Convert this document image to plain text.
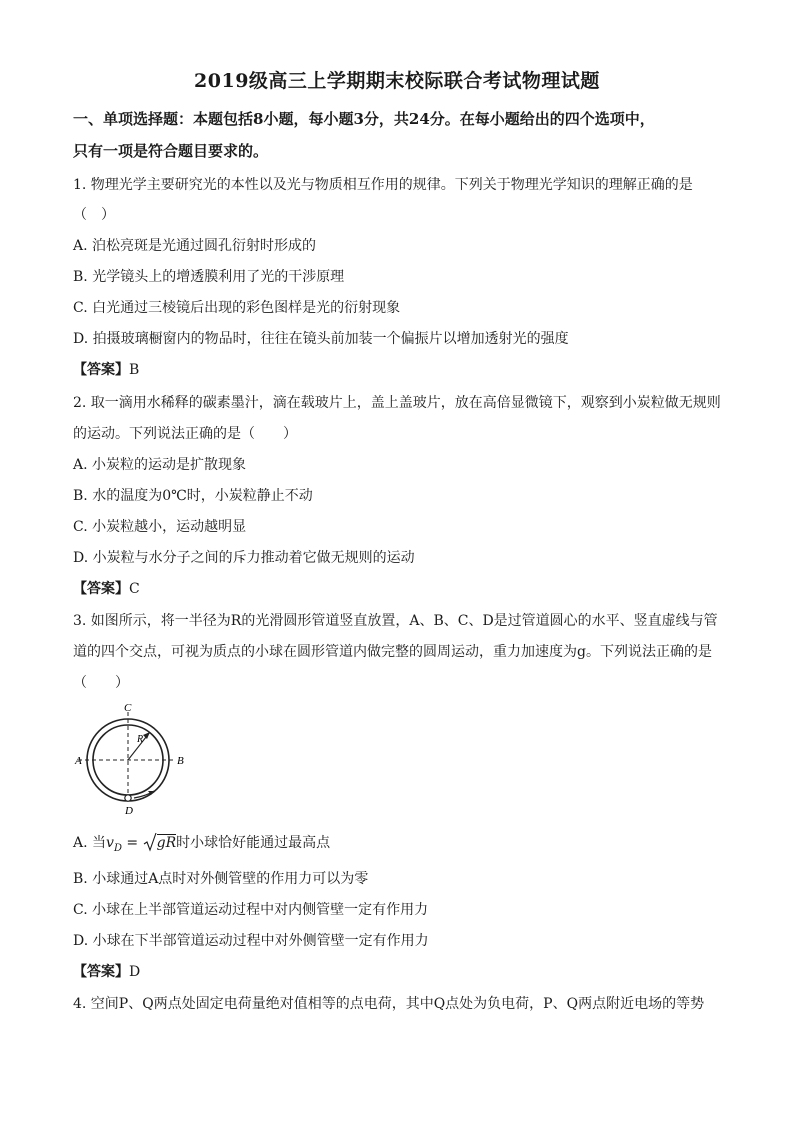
2019级高三上学期期末校际联合考试物理试题
一、单项选择题：本题包括8小题，每小题3分，共24分。在每小题给出的四个选项中，
只有一项是符合题目要求的。
1. 物理光学主要研究光的本性以及光与物质相互作用的规律。下列关于物理光学知识的理解正确的是
（　）
A. 泊松亮斑是光通过圆孔衍射时形成的
B. 光学镜头上的增透膜利用了光的干涉原理
C. 白光通过三棱镜后出现的彩色图样是光的衍射现象
D. 拍摄玻璃橱窗内的物品时，往往在镜头前加装一个偏振片以增加透射光的强度
【答案】B
2. 取一滴用水稀释的碳素墨汁，滴在载玻片上，盖上盖玻片，放在高倍显微镜下，观察到小炭粒做无规则
的运动。下列说法正确的是（　　）
A. 小炭粒的运动是扩散现象
B. 水的温度为0℃时，小炭粒静止不动
C. 小炭粒越小，运动越明显
D. 小炭粒与水分子之间的斥力推动着它做无规则的运动
【答案】C
3. 如图所示，将一半径为R的光滑圆形管道竖直放置，A、B、C、D是过管道圆心的水平、竖直虚线与管
道的四个交点，可视为质点的小球在圆形管道内做完整的圆周运动，重力加速度为g。下列说法正确的是
（　　）
C
A	B
D
R
A. 当$v_D$ = gR时小球恰好能通过最高点
B. 小球通过A点时对外侧管壁的作用力可以为零
C. 小球在上半部管道运动过程中对内侧管壁一定有作用力
D. 小球在下半部管道运动过程中对外侧管壁一定有作用力
【答案】D
4. 空间P、Q两点处固定电荷量绝对值相等的点电荷，其中Q点处为负电荷，P、Q两点附近电场的等势
